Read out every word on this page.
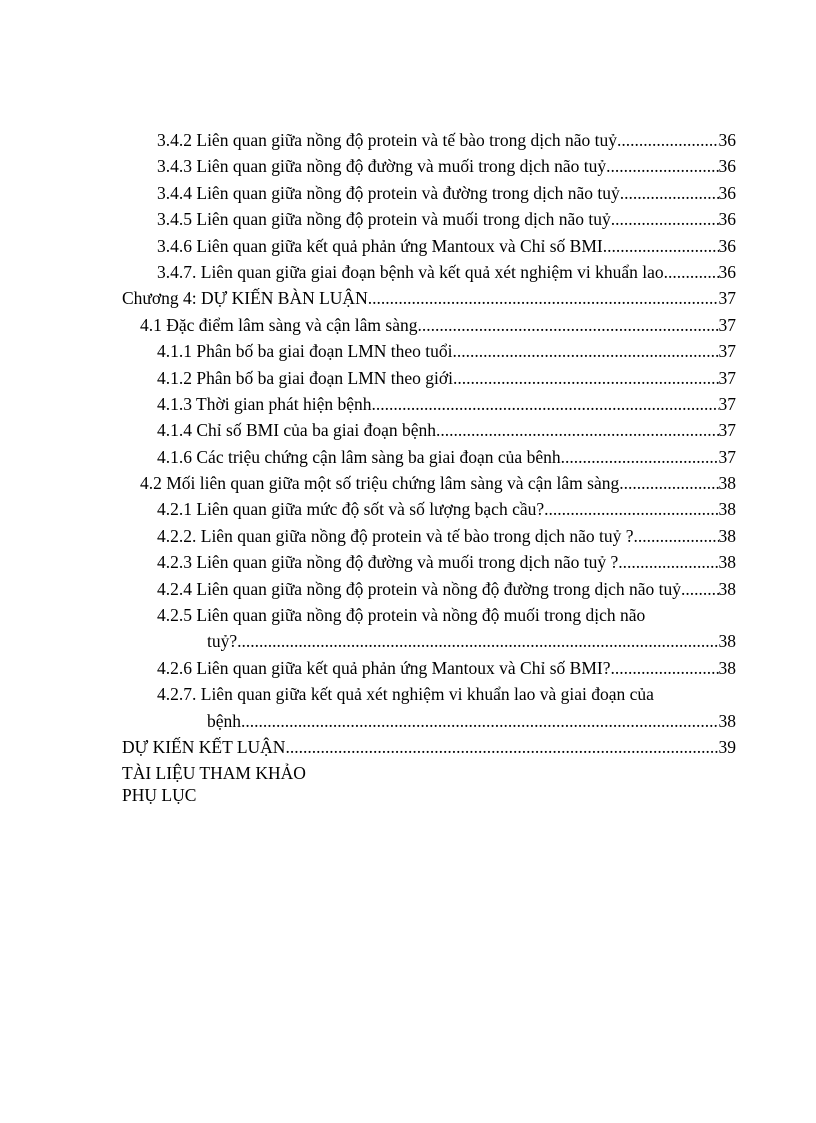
3.4.2 Liên quan giữa nồng độ protein và tế bào trong dịch não tuỷ. .....	36
3.4.3 Liên quan giữa nồng độ đường và muối trong dịch não tuỷ .....	36
3.4.4 Liên quan giữa nồng độ protein và đường trong dịch não tuỷ. .....	36
3.4.5 Liên quan giữa nồng độ protein và muối trong dịch não tuỷ. .....	36
3.4.6 Liên quan giữa kết quả phản ứng Mantoux và Chỉ số BMI .....	36
3.4.7. Liên quan giữa giai đoạn bệnh và kết quả xét nghiệm vi khuẩn lao .....	36
Chương 4: DỰ KIẾN BÀN LUẬN .....	37
4.1 Đặc điểm lâm sàng và cận lâm sàng .....	37
4.1.1 Phân bố ba giai đoạn LMN theo tuổi. .....	37
4.1.2 Phân bố ba giai đoạn LMN theo giới. .....	37
4.1.3 Thời gian phát hiện bệnh. .....	37
4.1.4 Chỉ số BMI của ba giai đoạn bệnh. .....	37
4.1.6 Các triệu chứng cận lâm sàng ba giai đoạn của bênh. .....	37
4.2 Mối liên quan giữa một số triệu chứng lâm sàng và cận lâm sàng .....	38
4.2.1 Liên quan giữa mức độ sốt và số lượng bạch cầu? .....	38
4.2.2. Liên quan giữa nồng độ protein và tế bào trong dịch não tuỷ ? .....	38
4.2.3 Liên quan giữa nồng độ đường và muối trong dịch não tuỷ ? .....	38
4.2.4 Liên quan giữa nồng độ protein và nồng độ đường trong dịch não tuỷ. ..... 38
4.2.5 Liên quan giữa nồng độ protein và nồng độ muối trong dịch não
tuỷ? .....	38
4.2.6 Liên quan giữa kết quả phản ứng Mantoux và Chỉ số BMI? .....	38
4.2.7. Liên quan giữa kết quả xét nghiệm vi khuẩn lao và giai đoạn của
bệnh .....	38
DỰ KIẾN KẾT LUẬN .....	39
TÀI LIỆU THAM KHẢO
PHỤ LỤC
